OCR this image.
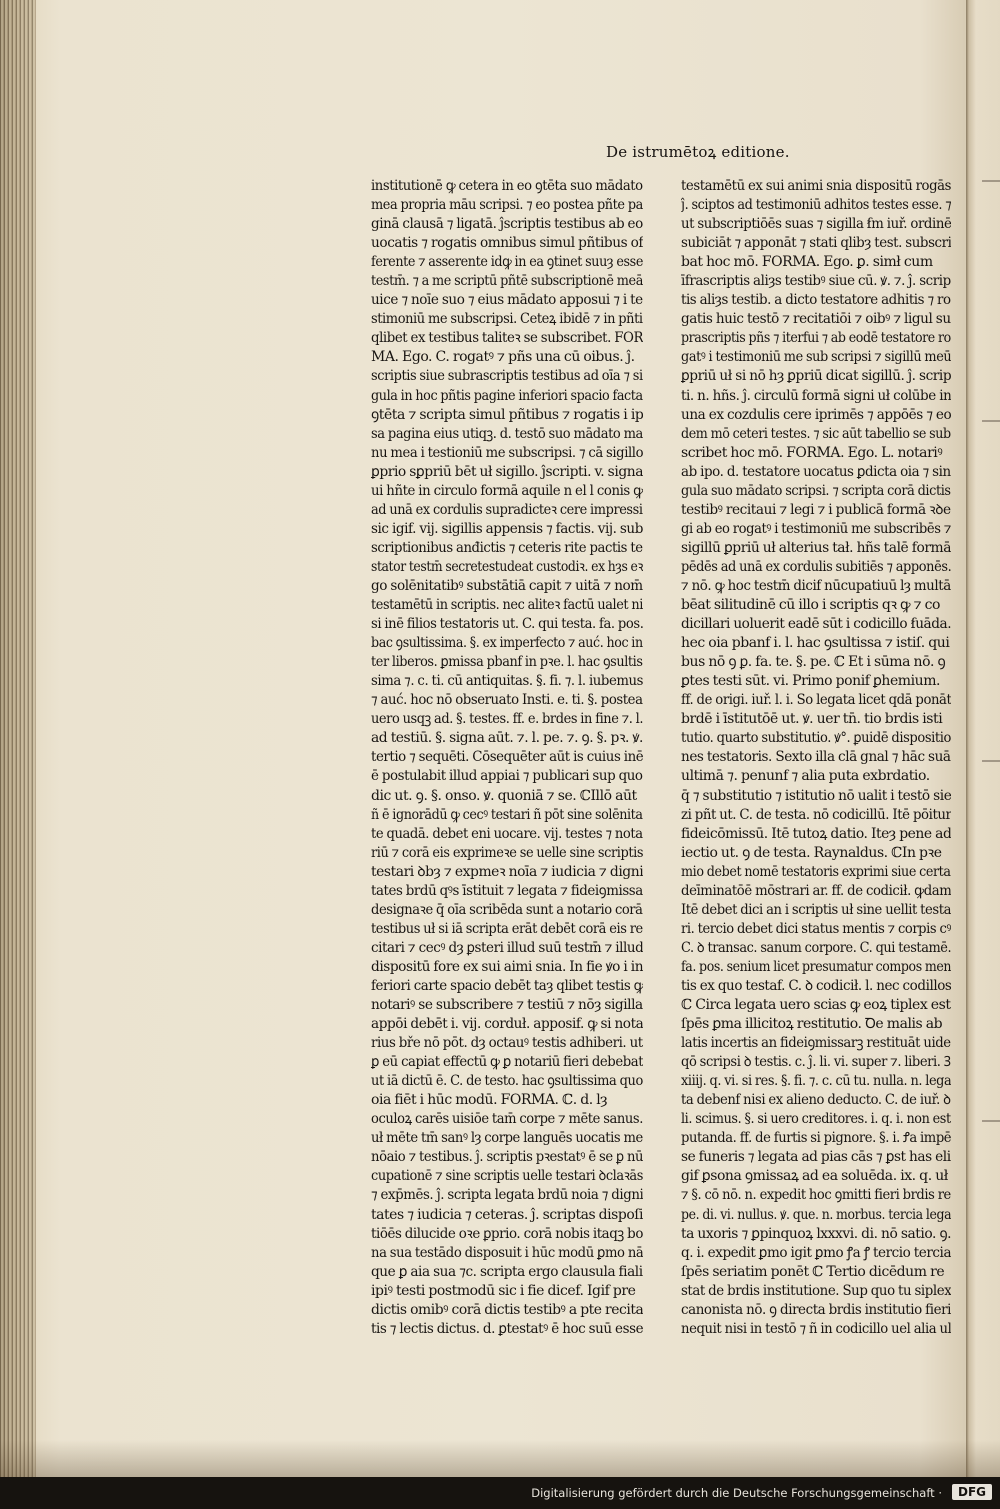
De istrumētoꝝ editione.
institutionē ꝙ cetera in eo ꝯtēta suo mādato
mea propria māu scripsi. ⁊ eo postea pñte pa
ginā clausā ⁊ ligatā. ĵscriptis testibus ab eo
uocatis ⁊ rogatis omnibus simul pñtibus of
ferente ⁊ asserente idꝙ in ea ꝯtinet suuȝ esse
testm̄. ⁊ a me scriptū pñtē subscriptionē meā
uice ⁊ noīe suo ⁊ eius mādato apposui ⁊ i te
stimoniū me subscripsi. Ceteꝝ ibidē ⁊ in pñti
qlibet ex testibus taliteꝛ se subscribet. FOR
MA. Ego. C. rogatꝰ ⁊ pñs una cū oibus. ĵ.
scriptis siue subrascriptis testibus ad oīa ⁊ si
gula in hoc pñtis pagine inferiori spacio facta
ꝯtēta ⁊ scripta simul pñtibus ⁊ rogatis i ip
sa pagina eius utiqꝫ. d. testō suo mādato ma
nu mea i testioniū me subscripsi. ⁊ cā sigillo
ꝑprio sꝑpriū bēt uł sigillo. ĵscripti. v. signa
ui hñte in circulo formā aquile n el l conis ꝙ
ad unā ex cordulis supradicteꝛ cere impressi
sic igif. vij. sigillis appensis ⁊ factis. vij. sub
scriptionibus anđictis ⁊ ceteris rite pactis te
stator testm̄ secretestudeat custodiꝛ. ex hȝs eꝛ
go solēnitatibꝰ substātiā capit ⁊ uitā ⁊ nom̄
testamētū in scriptis. nec aliteꝛ factū ualet ni
si inē filios testatoris ut. C. qui testa. fa. pos.
bac ꝯsultissima. §. ex imperfecto ⁊ auć. hoc in
ter liberos. ꝑmissa pbanf in pꝛe. l. hac ꝯsultis
sima ⁊. c. ti. cū antiquitas. §. fi. ⁊. l. iubemus
⁊ auć. hoc nō obseruato Insti. e. ti. §. postea
uero usqꝫ ad. §. testes. ff. e. brdes in fine ⁊. l.
ad testiū. §. signa aūt. ⁊. l. pe. ⁊. ꝯ. §. pꝛ. ꝟ.
tertio ⁊ sequēti. Cōsequēter aūt is cuius inē
ē postulabit illud appiai ⁊ publicari sup quo
dic ut. ꝯ. §. onso. ꝟ. quoniā ⁊ se. ℂIllō aūt
ñ ē ignorādū ꝙ cecꝰ testari ñ pōt sine solēnita
te quadā. debet eni uocare. vij. testes ⁊ nota
riū ⁊ corā eis exprimeꝛe se uelle sine scriptis
testari ꝺbȝ ⁊ expmeꝛ noīa ⁊ iudicia ⁊ digni
tates brdū qꝰs īstituit ⁊ legata ⁊ fideiꝯmissa
designaꝛe q̄ oīa scribēda sunt a notario corā
testibus uł si iā scripta erāt debēt corā eis re
citari ⁊ cecꝰ dȝ ꝑsteri illud suū testm̄ ⁊ illud
dispositū fore ex sui aimi snia. In fie ꝟo i in
feriori carte spacio debēt taȝ qlibet testis ꝙ
notariꝰ se subscribere ⁊ testiū ⁊ nōȝ sigilla
appōi debēt i. vij. corduł. apposif. ꝙ si nota
rius bře nō pōt. dȝ octauꝰ testis adhiberi. ut
ꝑ eū capiat effectū ꝙ ꝑ notariū fieri debebat
ut iā dictū ē. C. de testo. hac ꝯsultissima quo
oia fiēt i hūc modū. FORMA. ℂ. d. lȝ
oculoꝝ carēs uisiōe tam̄ corpe ⁊ mēte sanus.
uł mēte tm̄ sanꝰ lȝ corpe languēs uocatis me
nōaio ⁊ testibus. ĵ. scriptis pꝛestatꝰ ē se ꝑ nū
cupationē ⁊ sine scriptis uelle testari ꝺclaꝛās
⁊ exp̄mēs. ĵ. scripta legata brdū noia ⁊ digni
tates ⁊ iudicia ⁊ ceteras. ĵ. scriptas dispoſi
tiōēs dilucide oꝛe ꝑprio. corā nobis itaqꝫ bo
na sua testādo disposuit i hūc modū ꝑmo nā
que ꝑ aia sua ⁊c. scripta ergo clausula fiali
ipiꝰ testi postmodū sic i fie dicef. Igif pre
dictis omibꝰ corā dictis testibꝰ a pte recita
tis ⁊ lectis dictus. d. ꝑtestatꝰ ē hoc suū esse
testamētū ex sui animi snia dispositū rogās
ĵ. sciptos ad testimoniū adhitos testes esse. ⁊
ut subscriptiōēs suas ⁊ sigilla ẜm iuř. ordinē
subiciāt ⁊ apponāt ⁊ stati qlibȝ test. subscri
bat hoc mō. FORMA. Ego. ꝑ. simł cum
īfrascriptis aliȝs testibꝰ siue cū. ꝟ. ⁊. ĵ. scrip
tis aliȝs testib. a dicto testatore adhitis ⁊ ro
gatis huic testō ⁊ recitatiōi ⁊ oibꝰ ⁊ ligul su
prascriptis pñs ⁊ iterfui ⁊ ab eodē testatore ro
gatꝰ i testimoniū me sub scripsi ⁊ sigillū meū
ꝑpriū uł si nō hȝ ꝑpriū dicat sigillū. ĵ. scrip
ti. n. hñs. ĵ. circulū formā signi uł colūbe in
una ex cozdulis cere iprimēs ⁊ appōēs ⁊ eo
dem mō ceteri testes. ⁊ sic aūt tabellio se sub
scribet hoc mō. FORMA. Ego. L. notariꝰ
ab ipo. d. testatore uocatus ꝑdicta oia ⁊ sin
gula suo mādato scripsi. ⁊ scripta corā dictis
testibꝰ recitaui ⁊ legi ⁊ i publicā formā ꝛꝺe
gi ab eo rogatꝰ i testimoniū me subscribēs ⁊
sigillū ꝑpriū uł alterius tał. hñs talē formā
pēdēs ad unā ex cordulis subitiēs ⁊ apponēs.
⁊ nō. ꝙ hoc testm̄ dicif nūcupatiuū lȝ multā
bēat silitudinē cū illo i scriptis qꝛ ꝙ ⁊ co
dicillari uoluerit eadē sūt i codicillo ẜuāda.
hec oia pbanf i. l. hac ꝯsultissa ⁊ istiſ. qui
bus nō ꝯ ꝑ. fa. te. §. pe. ℂ Et i sūma nō. ꝯ
ꝑtes testi sūt. vi. Primo ponif ꝑhemium.
ff. de origi. iuř. l. i. So legata licet qdā ponāt
brdē i īstitutōē ut. ꝟ. uer tn̄. tio brdis isti
tutio. quarto substitutio. ꝟ°. ꝑuidē dispositio
nes testatoris. Sexto illa clā gnal ⁊ hāc suā
ultimā ⁊. penunf ⁊ alia puta exbrdatio.
q̄ ⁊ substitutio ⁊ istitutio nō ualit i testō sie
zi pñt ut. C. de testa. nō codicillū. Itē pōitur
fideicōmissū. Itē tutoꝝ datio. Iteȝ pene ad
iectio ut. ꝯ de testa. Raynaldus. ℂIn pꝛe
mio debet nomē testatoris exprimi siue certa
deīminatōē mōstrari ar. ff. de codicił. ꝙdam
Itē debet dici an i scriptis uł sine uellit testa
ri. tercio debet dici status mentis ⁊ corpis cꝰ
C. ꝺ transac. sanum corpore. C. qui testamē.
fa. pos. senium licet presumatur compos men
tis ex quo testaf. C. ꝺ codicił. l. nec codillos
ℂ Circa legata uero scias ꝙ eoꝝ tiplex est
ſpēs ꝑma illicitoꝝ restitutio. Ꝺe malis ab
latis incertis an fideiꝯmissarꝫ restituāt uide
qō scripsi ꝺ testis. c. ĵ. li. vi. super ⁊. liberi. Ꝫ
xiiij. q. vi. si res. §. fi. ⁊. c. cū tu. nulla. n. lega
ta debenf nisi ex alieno deducto. C. de iuř. ꝺ
li. scimus. §. si uero creditores. i. q. i. non est
putanda. ff. de furtis si pignore. §. i. Ꝭa impē
se funeris ⁊ legata ad pias cās ⁊ ꝑst has eli
gif ꝑsona ꝯmissaꝝ ad ea soluēda. ix. q. uł
⁊ §. cō nō. n. expedit hoc ꝯmitti fieri brdis re
pe. di. vi. nullus. ꝟ. que. n. morbus. tercia lega
ta uxoris ⁊ ꝑpinquoꝝ lxxxvi. di. nō satio. ꝯ.
q. i. expedit ꝑmo igit ꝑmo ꝭa ꝭ tercio tercia
ſpēs seriatim ponēt ℂ Tertio dicēdum re
stat de brdis institutione. Sup quo tu siplex
canonista nō. ꝯ directa brdis institutio fieri
nequit nisi in testō ⁊ ñ in codicillo uel alia ul
Digitalisierung gefördert durch die Deutsche Forschungsgemeinschaft ·	DFG
